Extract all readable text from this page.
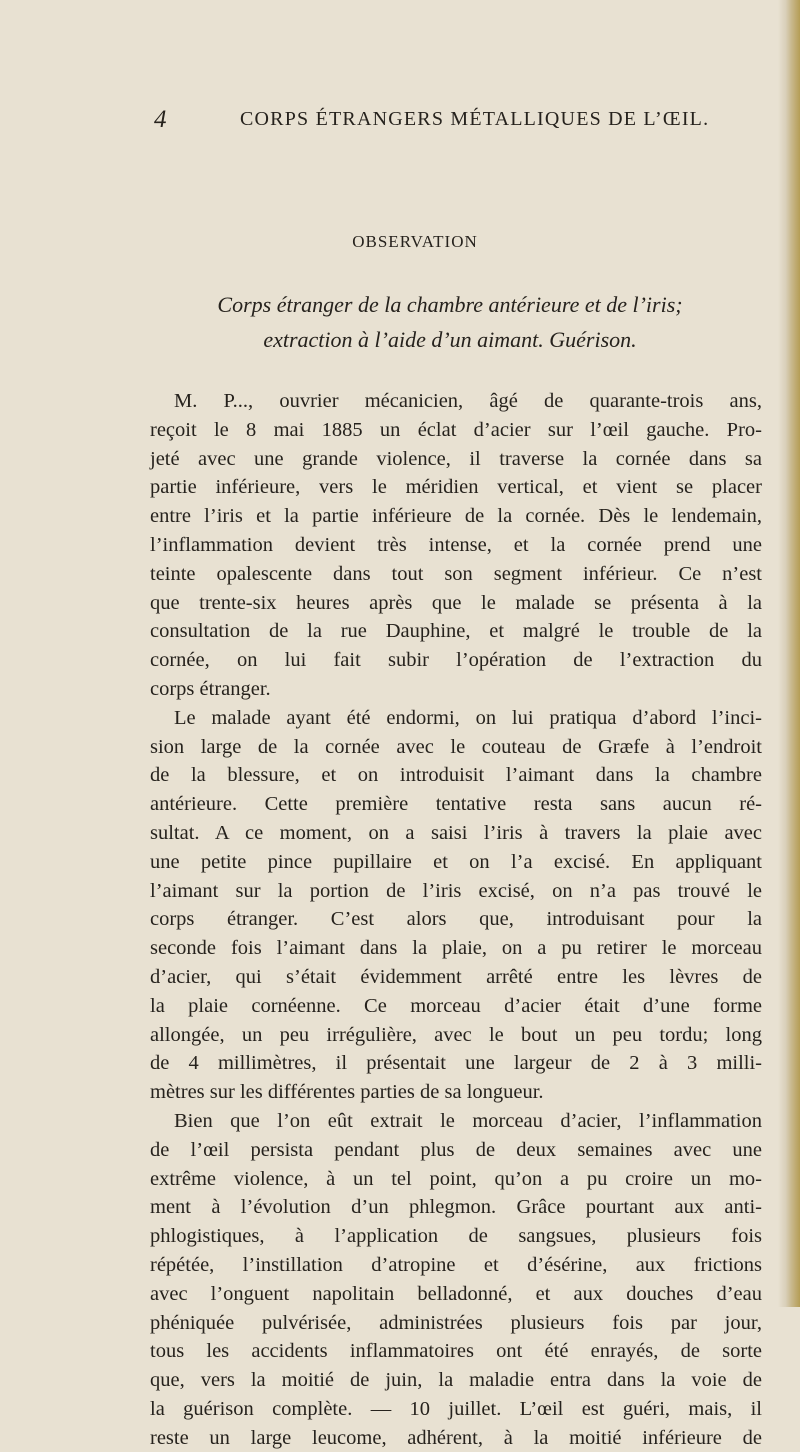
4	CORPS ÉTRANGERS MÉTALLIQUES DE L’ŒIL.
OBSERVATION
Corps étranger de la chambre antérieure et de l’iris;
extraction à l’aide d’un aimant. Guérison.
M. P..., ouvrier mécanicien, âgé de quarante-trois ans,
reçoit le 8 mai 1885 un éclat d’acier sur l’œil gauche. Pro-
jeté avec une grande violence, il traverse la cornée dans sa
partie inférieure, vers le méridien vertical, et vient se placer
entre l’iris et la partie inférieure de la cornée. Dès le lendemain,
l’inflammation devient très intense, et la cornée prend une
teinte opalescente dans tout son segment inférieur. Ce n’est
que trente-six heures après que le malade se présenta à la
consultation de la rue Dauphine, et malgré le trouble de la
cornée, on lui fait subir l’opération de l’extraction du
corps étranger.
Le malade ayant été endormi, on lui pratiqua d’abord l’inci-
sion large de la cornée avec le couteau de Græfe à l’endroit
de la blessure, et on introduisit l’aimant dans la chambre
antérieure. Cette première tentative resta sans aucun ré-
sultat. A ce moment, on a saisi l’iris à travers la plaie avec
une petite pince pupillaire et on l’a excisé. En appliquant
l’aimant sur la portion de l’iris excisé, on n’a pas trouvé le
corps étranger. C’est alors que, introduisant pour la
seconde fois l’aimant dans la plaie, on a pu retirer le morceau
d’acier, qui s’était évidemment arrêté entre les lèvres de
la plaie cornéenne. Ce morceau d’acier était d’une forme
allongée, un peu irrégulière, avec le bout un peu tordu; long
de 4 millimètres, il présentait une largeur de 2 à 3 milli-
mètres sur les différentes parties de sa longueur.
Bien que l’on eût extrait le morceau d’acier, l’inflammation
de l’œil persista pendant plus de deux semaines avec une
extrême violence, à un tel point, qu’on a pu croire un mo-
ment à l’évolution d’un phlegmon. Grâce pourtant aux anti-
phlogistiques, à l’application de sangsues, plusieurs fois
répétée, l’instillation d’atropine et d’ésérine, aux frictions
avec l’onguent napolitain belladonné, et aux douches d’eau
phéniquée pulvérisée, administrées plusieurs fois par jour,
tous les accidents inflammatoires ont été enrayés, de sorte
que, vers la moitié de juin, la maladie entra dans la voie de
la guérison complète. — 10 juillet. L’œil est guéri, mais, il
reste un large leucome, adhérent, à la moitié inférieure de
